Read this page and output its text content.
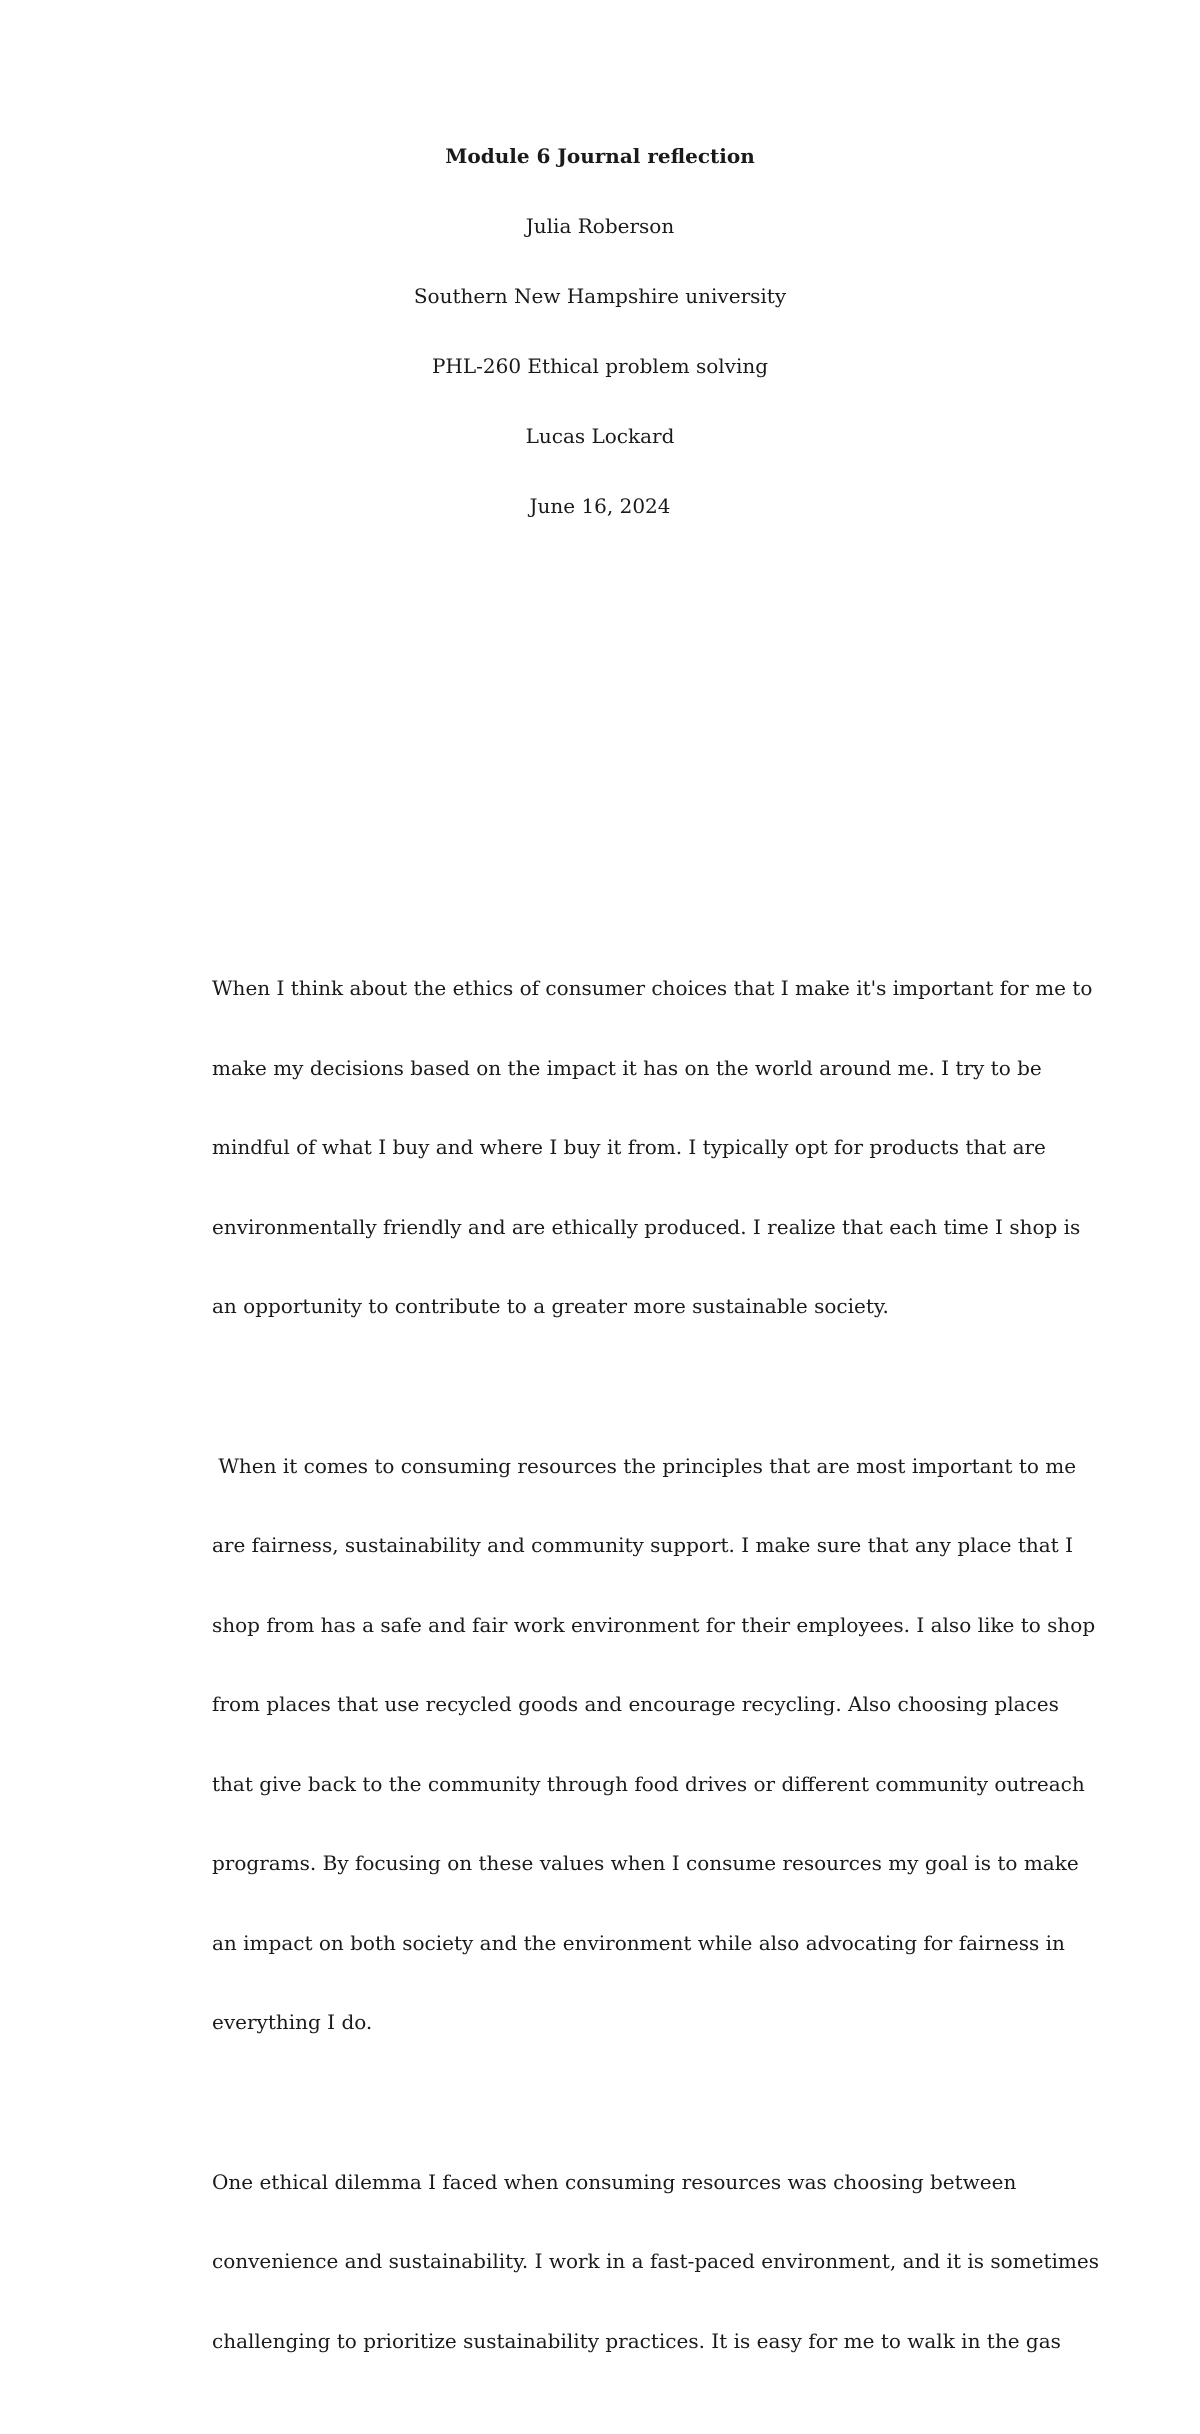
Module 6 Journal reflection
Julia Roberson
Southern New Hampshire university
PHL-260 Ethical problem solving
Lucas Lockard
June 16, 2024

When I think about the ethics of consumer choices that I make it's important for me to

make my decisions based on the impact it has on the world around me. I try to be

mindful of what I buy and where I buy it from. I typically opt for products that are

environmentally friendly and are ethically produced. I realize that each time I shop is

an opportunity to contribute to a greater more sustainable society.

When it comes to consuming resources the principles that are most important to me

are fairness, sustainability and community support. I make sure that any place that I

shop from has a safe and fair work environment for their employees. I also like to shop

from places that use recycled goods and encourage recycling. Also choosing places

that give back to the community through food drives or different community outreach

programs. By focusing on these values when I consume resources my goal is to make

an impact on both society and the environment while also advocating for fairness in

everything I do.

One ethical dilemma I faced when consuming resources was choosing between

convenience and sustainability. I work in a fast-paced environment, and it is sometimes

challenging to prioritize sustainability practices. It is easy for me to walk in the gas
